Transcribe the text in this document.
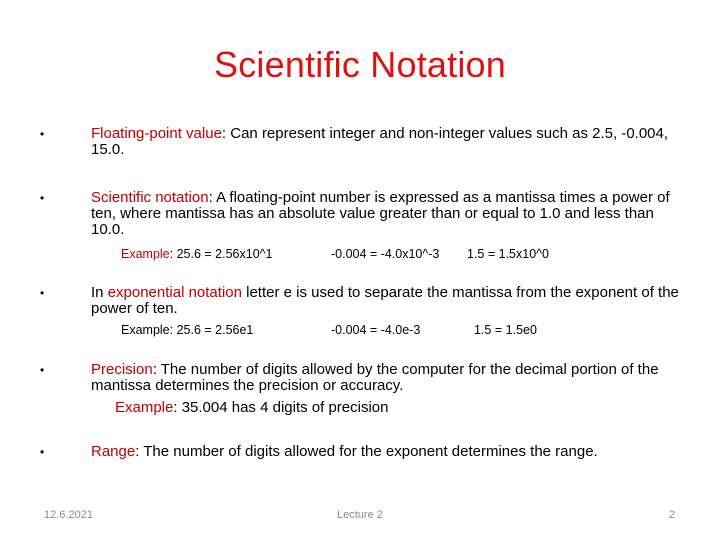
Scientific Notation
•	Floating-point value: Can represent integer and non-integer values such as 2.5, -0.004, 15.0.
•	Scientific notation: A floating-point number is expressed as a mantissa times a power of ten, where mantissa has an absolute value greater than or equal to 1.0 and less than 10.0.
Example: 25.6 = 2.56x10^1	-0.004 = -4.0x10^-3 1.5 = 1.5x10^0
•	In exponential notation letter e is used to separate the mantissa from the exponent of the power of ten.
Example: 25.6 = 2.56e1	-0.004 = -4.0e-3	1.5 = 1.5e0
•	Precision: The number of digits allowed by the computer for the decimal portion of the mantissa determines the precision or accuracy.
Example: 35.004 has 4 digits of precision
•	Range: The number of digits allowed for the exponent determines the range.
12.6.2021	Lecture 2	2
